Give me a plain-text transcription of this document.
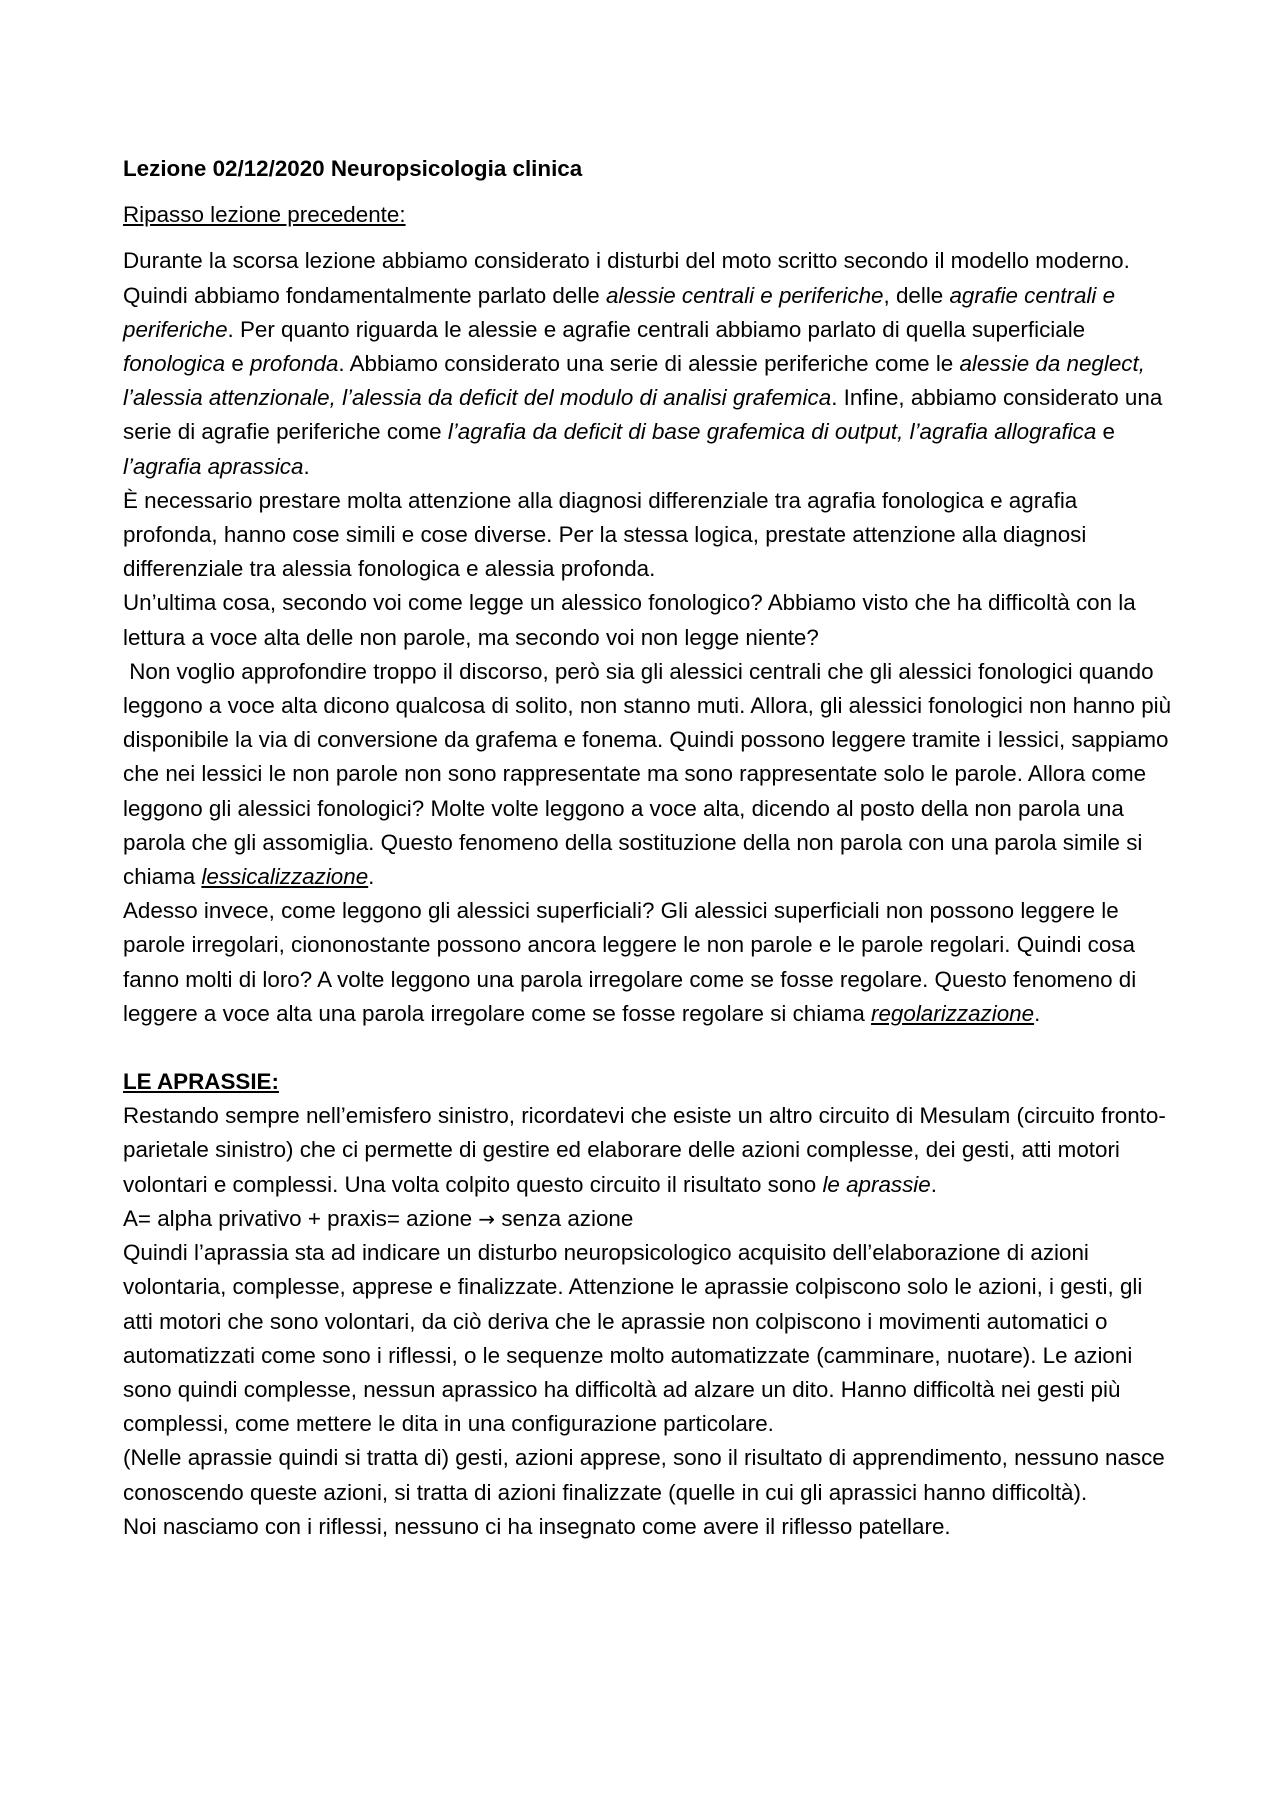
Lezione 02/12/2020 Neuropsicologia clinica

Ripasso lezione precedente:

Durante la scorsa lezione abbiamo considerato i disturbi del moto scritto secondo il modello moderno. Quindi abbiamo fondamentalmente parlato delle alessie centrali e periferiche, delle agrafie centrali e periferiche. Per quanto riguarda le alessie e agrafie centrali abbiamo parlato di quella superficiale fonologica e profonda. Abbiamo considerato una serie di alessie periferiche come le alessie da neglect, l’alessia attenzionale, l’alessia da deficit del modulo di analisi grafemica. Infine, abbiamo considerato una serie di agrafie periferiche come l’agrafia da deficit di base grafemica di output, l’agrafia allografica e l’agrafia aprassica.

È necessario prestare molta attenzione alla diagnosi differenziale tra agrafia fonologica e agrafia profonda, hanno cose simili e cose diverse. Per la stessa logica, prestate attenzione alla diagnosi differenziale tra alessia fonologica e alessia profonda.

Un’ultima cosa, secondo voi come legge un alessico fonologico? Abbiamo visto che ha difficoltà con la lettura a voce alta delle non parole, ma secondo voi non legge niente?

Non voglio approfondire troppo il discorso, però sia gli alessici centrali che gli alessici fonologici quando leggono a voce alta dicono qualcosa di solito, non stanno muti. Allora, gli alessici fonologici non hanno più disponibile la via di conversione da grafema e fonema. Quindi possono leggere tramite i lessici, sappiamo che nei lessici le non parole non sono rappresentate ma sono rappresentate solo le parole. Allora come leggono gli alessici fonologici? Molte volte leggono a voce alta, dicendo al posto della non parola una parola che gli assomiglia. Questo fenomeno della sostituzione della non parola con una parola simile si chiama lessicalizzazione.

Adesso invece, come leggono gli alessici superficiali? Gli alessici superficiali non possono leggere le parole irregolari, ciononostante possono ancora leggere le non parole e le parole regolari. Quindi cosa fanno molti di loro? A volte leggono una parola irregolare come se fosse regolare. Questo fenomeno di leggere a voce alta una parola irregolare come se fosse regolare si chiama regolarizzazione.

LE APRASSIE:

Restando sempre nell’emisfero sinistro, ricordatevi che esiste un altro circuito di Mesulam (circuito fronto-parietale sinistro) che ci permette di gestire ed elaborare delle azioni complesse, dei gesti, atti motori volontari e complessi. Una volta colpito questo circuito il risultato sono le aprassie.

A= alpha privativo + praxis= azione → senza azione

Quindi l’aprassia sta ad indicare un disturbo neuropsicologico acquisito dell’elaborazione di azioni volontaria, complesse, apprese e finalizzate. Attenzione le aprassie colpiscono solo le azioni, i gesti, gli atti motori che sono volontari, da ciò deriva che le aprassie non colpiscono i movimenti automatici o automatizzati come sono i riflessi, o le sequenze molto automatizzate (camminare, nuotare). Le azioni sono quindi complesse, nessun aprassico ha difficoltà ad alzare un dito. Hanno difficoltà nei gesti più complessi, come mettere le dita in una configurazione particolare.

(Nelle aprassie quindi si tratta di) gesti, azioni apprese, sono il risultato di apprendimento, nessuno nasce conoscendo queste azioni, si tratta di azioni finalizzate (quelle in cui gli aprassici hanno difficoltà).

Noi nasciamo con i riflessi, nessuno ci ha insegnato come avere il riflesso patellare.
